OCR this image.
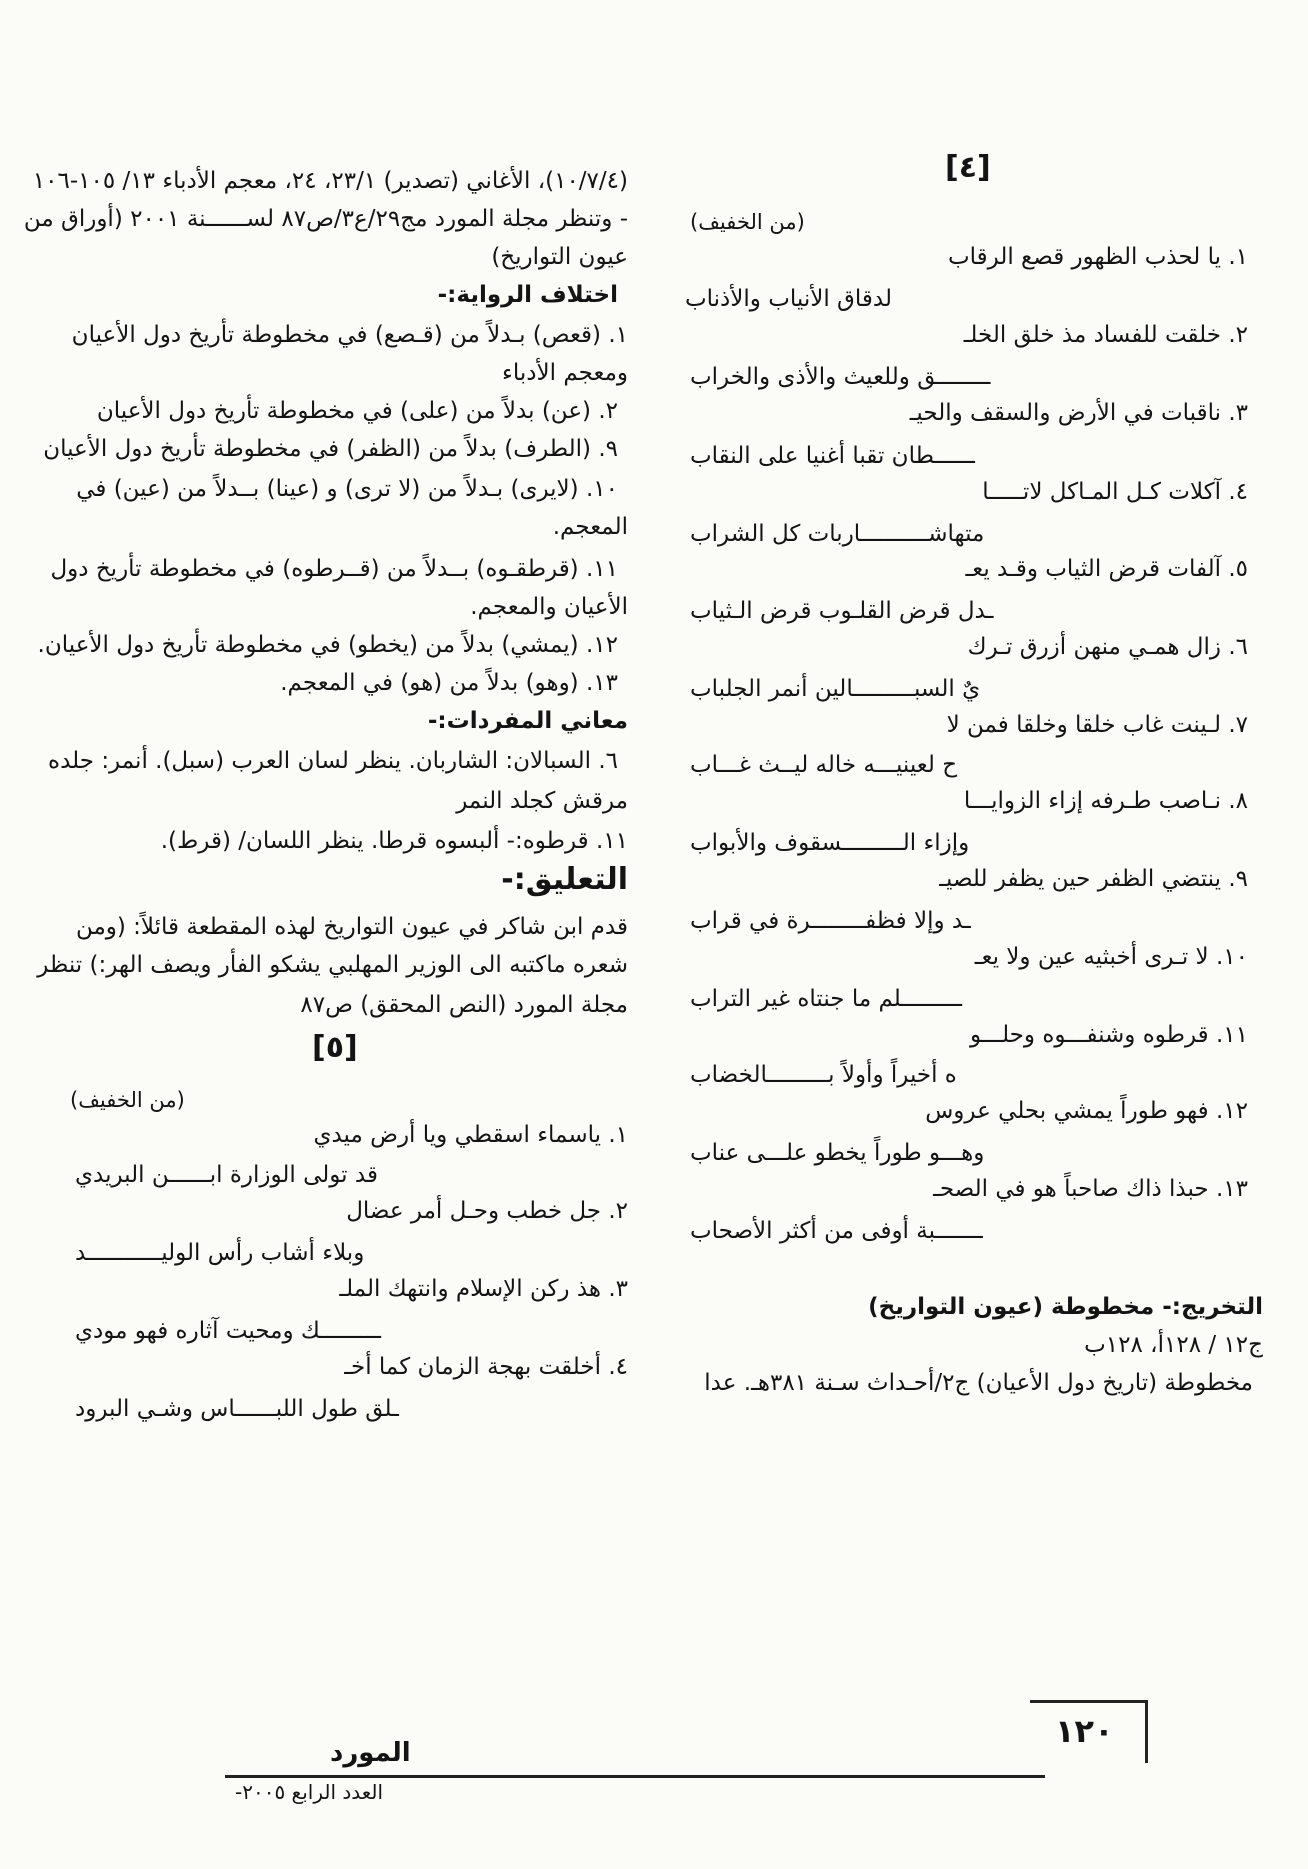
[٤]
(من الخفيف)
١. يا لحذب الظهور قصع الرقاب
لدقاق الأنياب والأذناب
٢. خلقت للفساد مذ خلق الخلـ
ــــــــق وللعيث والأذى والخراب
٣. ناقبات في الأرض والسقف والحيـ
ــــــطان تقبا أغنيا على النقاب
٤. آكلات كـل المـاكل لاتـــــا
متهاشــــــــــاربات كل الشراب
٥. آلفات قرض الثياب وقـد يعـ
ـدل قرض القلـوب قرض الـثياب
٦. زال همـي منهن أزرق تـرك
يٌ السبـــــــــالين أنمر الجلباب
٧. لـينت غاب خلقا وخلقا فمن لا
ح لعينيـــه خاله ليــث غـــاب
٨. نـاصب طـرفه إزاء الزوايـــا
وإزاء الـــــــــسقوف والأبواب
٩. ينتضي الظفر حين يظفر للصيـ
ـد وإلا فظفــــــــرة في قراب
١٠. لا تـرى أخبثيه عين ولا يعـ
ـــــــــلم ما جنتاه غير التراب
١١. قرطوه وشنفـــوه وحلـــو
ه أخيراً وأولاً بـــــــــالخضاب
١٢. فهو طوراً يمشي بحلي عروس
وهـــو طوراً يخطو علـــى عناب
١٣. حبذا ذاك صاحباً هو في الصحـ
ـــــــبة أوفى من أكثر الأصحاب
التخريج:- مخطوطة (عيون التواريخ)
ج١٢ / ١٢٨أ، ١٢٨ب
مخطوطة (تاريخ دول الأعيان) ج٢/أحـداث سـنة ٣٨١هـ. عدا
(١٠/٧/٤)، الأغاني (تصدير) ٢٣/١، ٢٤، معجم الأدباء ١٣/ ١٠٥-١٠٦
- وتنظر مجلة المورد مج٢٩/ع٣/ص٨٧ لســــــنة ٢٠٠١ (أوراق من
عيون التواريخ)
اختلاف الرواية:-
١. (قعص) بـدلاً من (قـصع) في مخطوطة تأريخ دول الأعيان
ومعجم الأدباء
٢. (عن) بدلاً من (على) في مخطوطة تأريخ دول الأعيان
٩. (الطرف) بدلاً من (الظفر) في مخطوطة تأريخ دول الأعيان
١٠. (لايرى) بـدلاً من (لا ترى) و (عينا) بــدلاً من (عين) في
المعجم.
١١. (قرطقـوه) بــدلاً من (قــرطوه) في مخطوطة تأريخ دول
الأعيان والمعجم.
١٢. (يمشي) بدلاً من (يخطو) في مخطوطة تأريخ دول الأعيان.
١٣. (وهو) بدلاً من (هو) في المعجم.
معاني المفردات:-
٦. السبالان: الشاربان. ينظر لسان العرب (سبل). أنمر: جلده
مرقش كجلد النمر
١١. قرطوه:- ألبسوه قرطا. ينظر اللسان/ (قرط).
التعليق:-
قدم ابن شاكر في عيون التواريخ لهذه المقطعة قائلاً: (ومن
شعره ماكتبه الى الوزير المهلبي يشكو الفأر ويصف الهر:) تنظر
مجلة المورد (النص المحقق) ص٨٧
[٥]
(من الخفيف)
١. ياسماء اسقطي ويا أرض ميدي
قد تولى الوزارة ابــــــن البريدي
٢. جل خطب وحـل أمر عضال
وبلاء أشاب رأس الوليـــــــــــد
٣. هذ ركن الإسلام وانتهك الملـ
ـــــــــك ومحيت آثاره فهو مودي
٤. أخلقت بهجة الزمان كما أخـ
ـلق طول اللبــــــاس وشـي البرود
المورد
العدد الرابع ٢٠٠٥-
١٢٠
